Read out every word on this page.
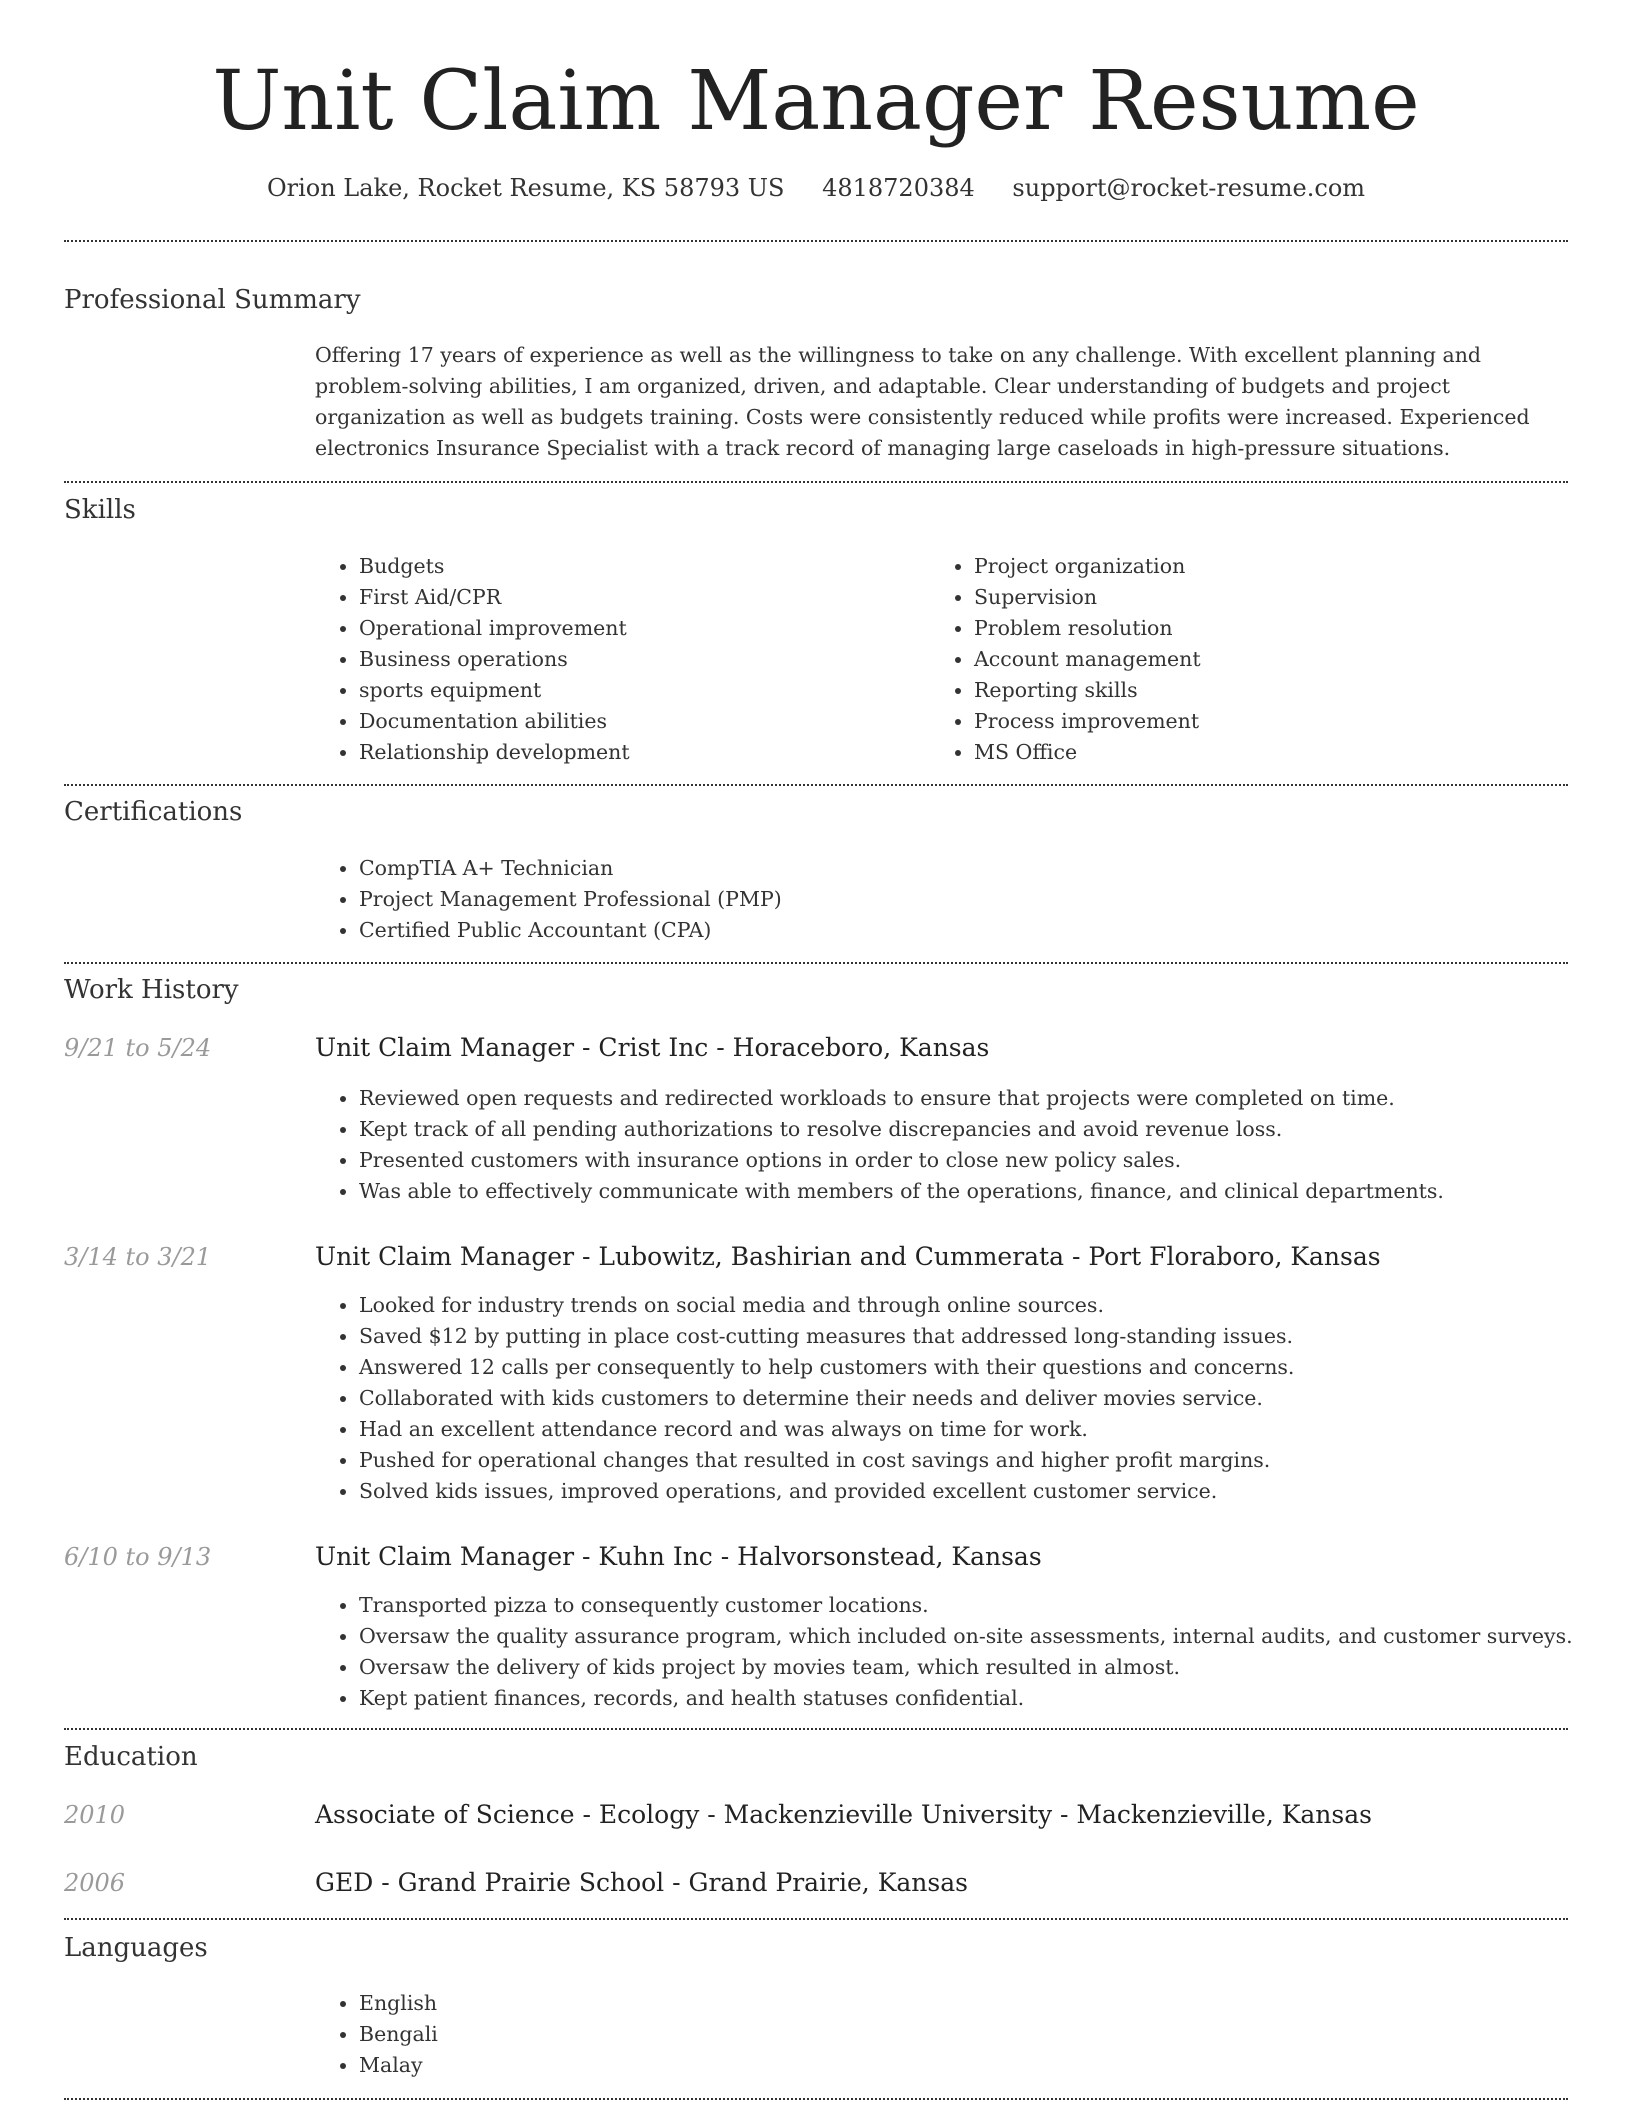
Unit Claim Manager Resume
Orion Lake, Rocket Resume, KS 58793 US 4818720384 support@rocket-resume.com
Professional Summary

Offering 17 years of experience as well as the willingness to take on any challenge. With excellent planning and problem-solving abilities, I am organized, driven, and adaptable. Clear understanding of budgets and project organization as well as budgets training. Costs were consistently reduced while profits were increased. Experienced electronics Insurance Specialist with a track record of managing large caseloads in high-pressure situations.

Skills
• Budgets
• First Aid/CPR
• Operational improvement
• Business operations
• sports equipment
• Documentation abilities
• Relationship development
• Project organization
• Supervision
• Problem resolution
• Account management
• Reporting skills
• Process improvement
• MS Office
Certifications
• CompTIA A+ Technician
• Project Management Professional (PMP)
• Certified Public Accountant (CPA)
Work History
9/21 to 5/24	Unit Claim Manager - Crist Inc - Horaceboro, Kansas
• Reviewed open requests and redirected workloads to ensure that projects were completed on time.
• Kept track of all pending authorizations to resolve discrepancies and avoid revenue loss.
• Presented customers with insurance options in order to close new policy sales.
• Was able to effectively communicate with members of the operations, finance, and clinical departments.
3/14 to 3/21	Unit Claim Manager - Lubowitz, Bashirian and Cummerata - Port Floraboro, Kansas
• Looked for industry trends on social media and through online sources.
• Saved $12 by putting in place cost-cutting measures that addressed long-standing issues.
• Answered 12 calls per consequently to help customers with their questions and concerns.
• Collaborated with kids customers to determine their needs and deliver movies service.
• Had an excellent attendance record and was always on time for work.
• Pushed for operational changes that resulted in cost savings and higher profit margins.
• Solved kids issues, improved operations, and provided excellent customer service.
6/10 to 9/13	Unit Claim Manager - Kuhn Inc - Halvorsonstead, Kansas
• Transported pizza to consequently customer locations.
• Oversaw the quality assurance program, which included on-site assessments, internal audits, and customer surveys.
• Oversaw the delivery of kids project by movies team, which resulted in almost.
• Kept patient finances, records, and health statuses confidential.
Education
2010	Associate of Science - Ecology - Mackenzieville University - Mackenzieville, Kansas
2006	GED - Grand Prairie School - Grand Prairie, Kansas
Languages
• English
• Bengali
• Malay
